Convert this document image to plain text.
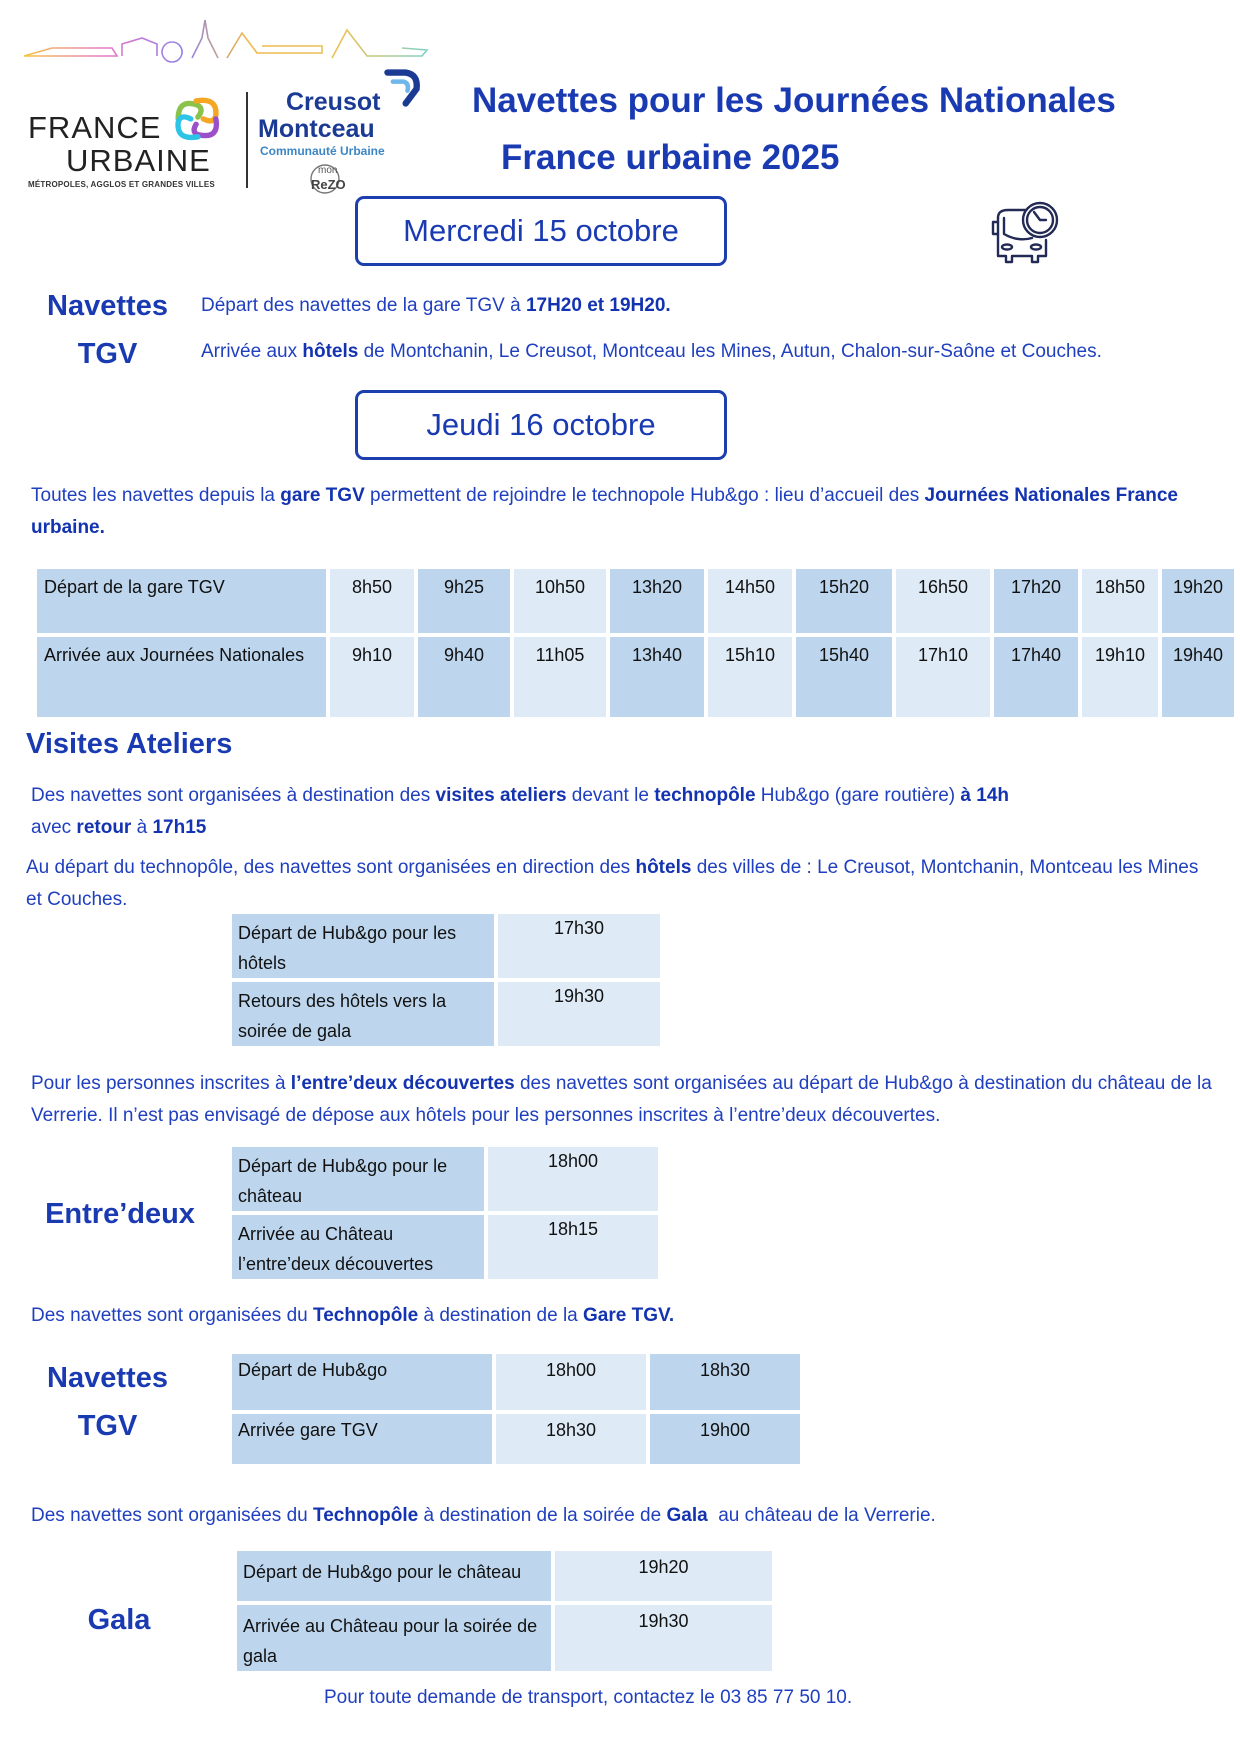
FRANCE
URBAINE
MÉTROPOLES, AGGLOS ET GRANDES VILLES
Creusot
Montceau
Communauté Urbaine
mon
ReZO
Navettes pour les Journées Nationales
France urbaine 2025
Mercredi 15 octobre
Navettes
TGV
Départ des navettes de la gare TGV à 17H20 et 19H20.
Arrivée aux hôtels de Montchanin, Le Creusot, Montceau les Mines, Autun, Chalon-sur-Saône et Couches.
Jeudi 16 octobre
Toutes les navettes depuis la gare TGV permettent de rejoindre le technopole Hub&go : lieu d’accueil des Journées Nationales France urbaine.
Départ de la gare TGV	8h50	9h25	10h50	13h20	14h50	15h20	16h50	17h20	18h50	19h20
Arrivée aux Journées Nationales	9h10	9h40	11h05	13h40	15h10	15h40	17h10	17h40	19h10	19h40
Visites Ateliers
Des navettes sont organisées à destination des visites ateliers devant le technopôle Hub&go (gare routière) à 14h
avec retour à 17h15
Au départ du technopôle, des navettes sont organisées en direction des hôtels des villes de : Le Creusot, Montchanin, Montceau les Mines et Couches.
Départ de Hub&go pour les hôtels	17h30
Retours des hôtels vers la soirée de gala	19h30
Pour les personnes inscrites à l’entre’deux découvertes des navettes sont organisées au départ de Hub&go à destination du château de la Verrerie. Il n’est pas envisagé de dépose aux hôtels pour les personnes inscrites à l’entre’deux découvertes.
Entre’deux
Départ de Hub&go pour le château	18h00
Arrivée au Château l’entre’deux découvertes	18h15
Des navettes sont organisées du Technopôle à destination de la Gare TGV.
Navettes
TGV
Départ de Hub&go	18h00	18h30
Arrivée gare TGV	18h30	19h00
Des navettes sont organisées du Technopôle à destination de la soirée de Gala  au château de la Verrerie.
Gala
Départ de Hub&go pour le château	19h20
Arrivée au Château pour la soirée de gala	19h30
Pour toute demande de transport, contactez le 03 85 77 50 10.
